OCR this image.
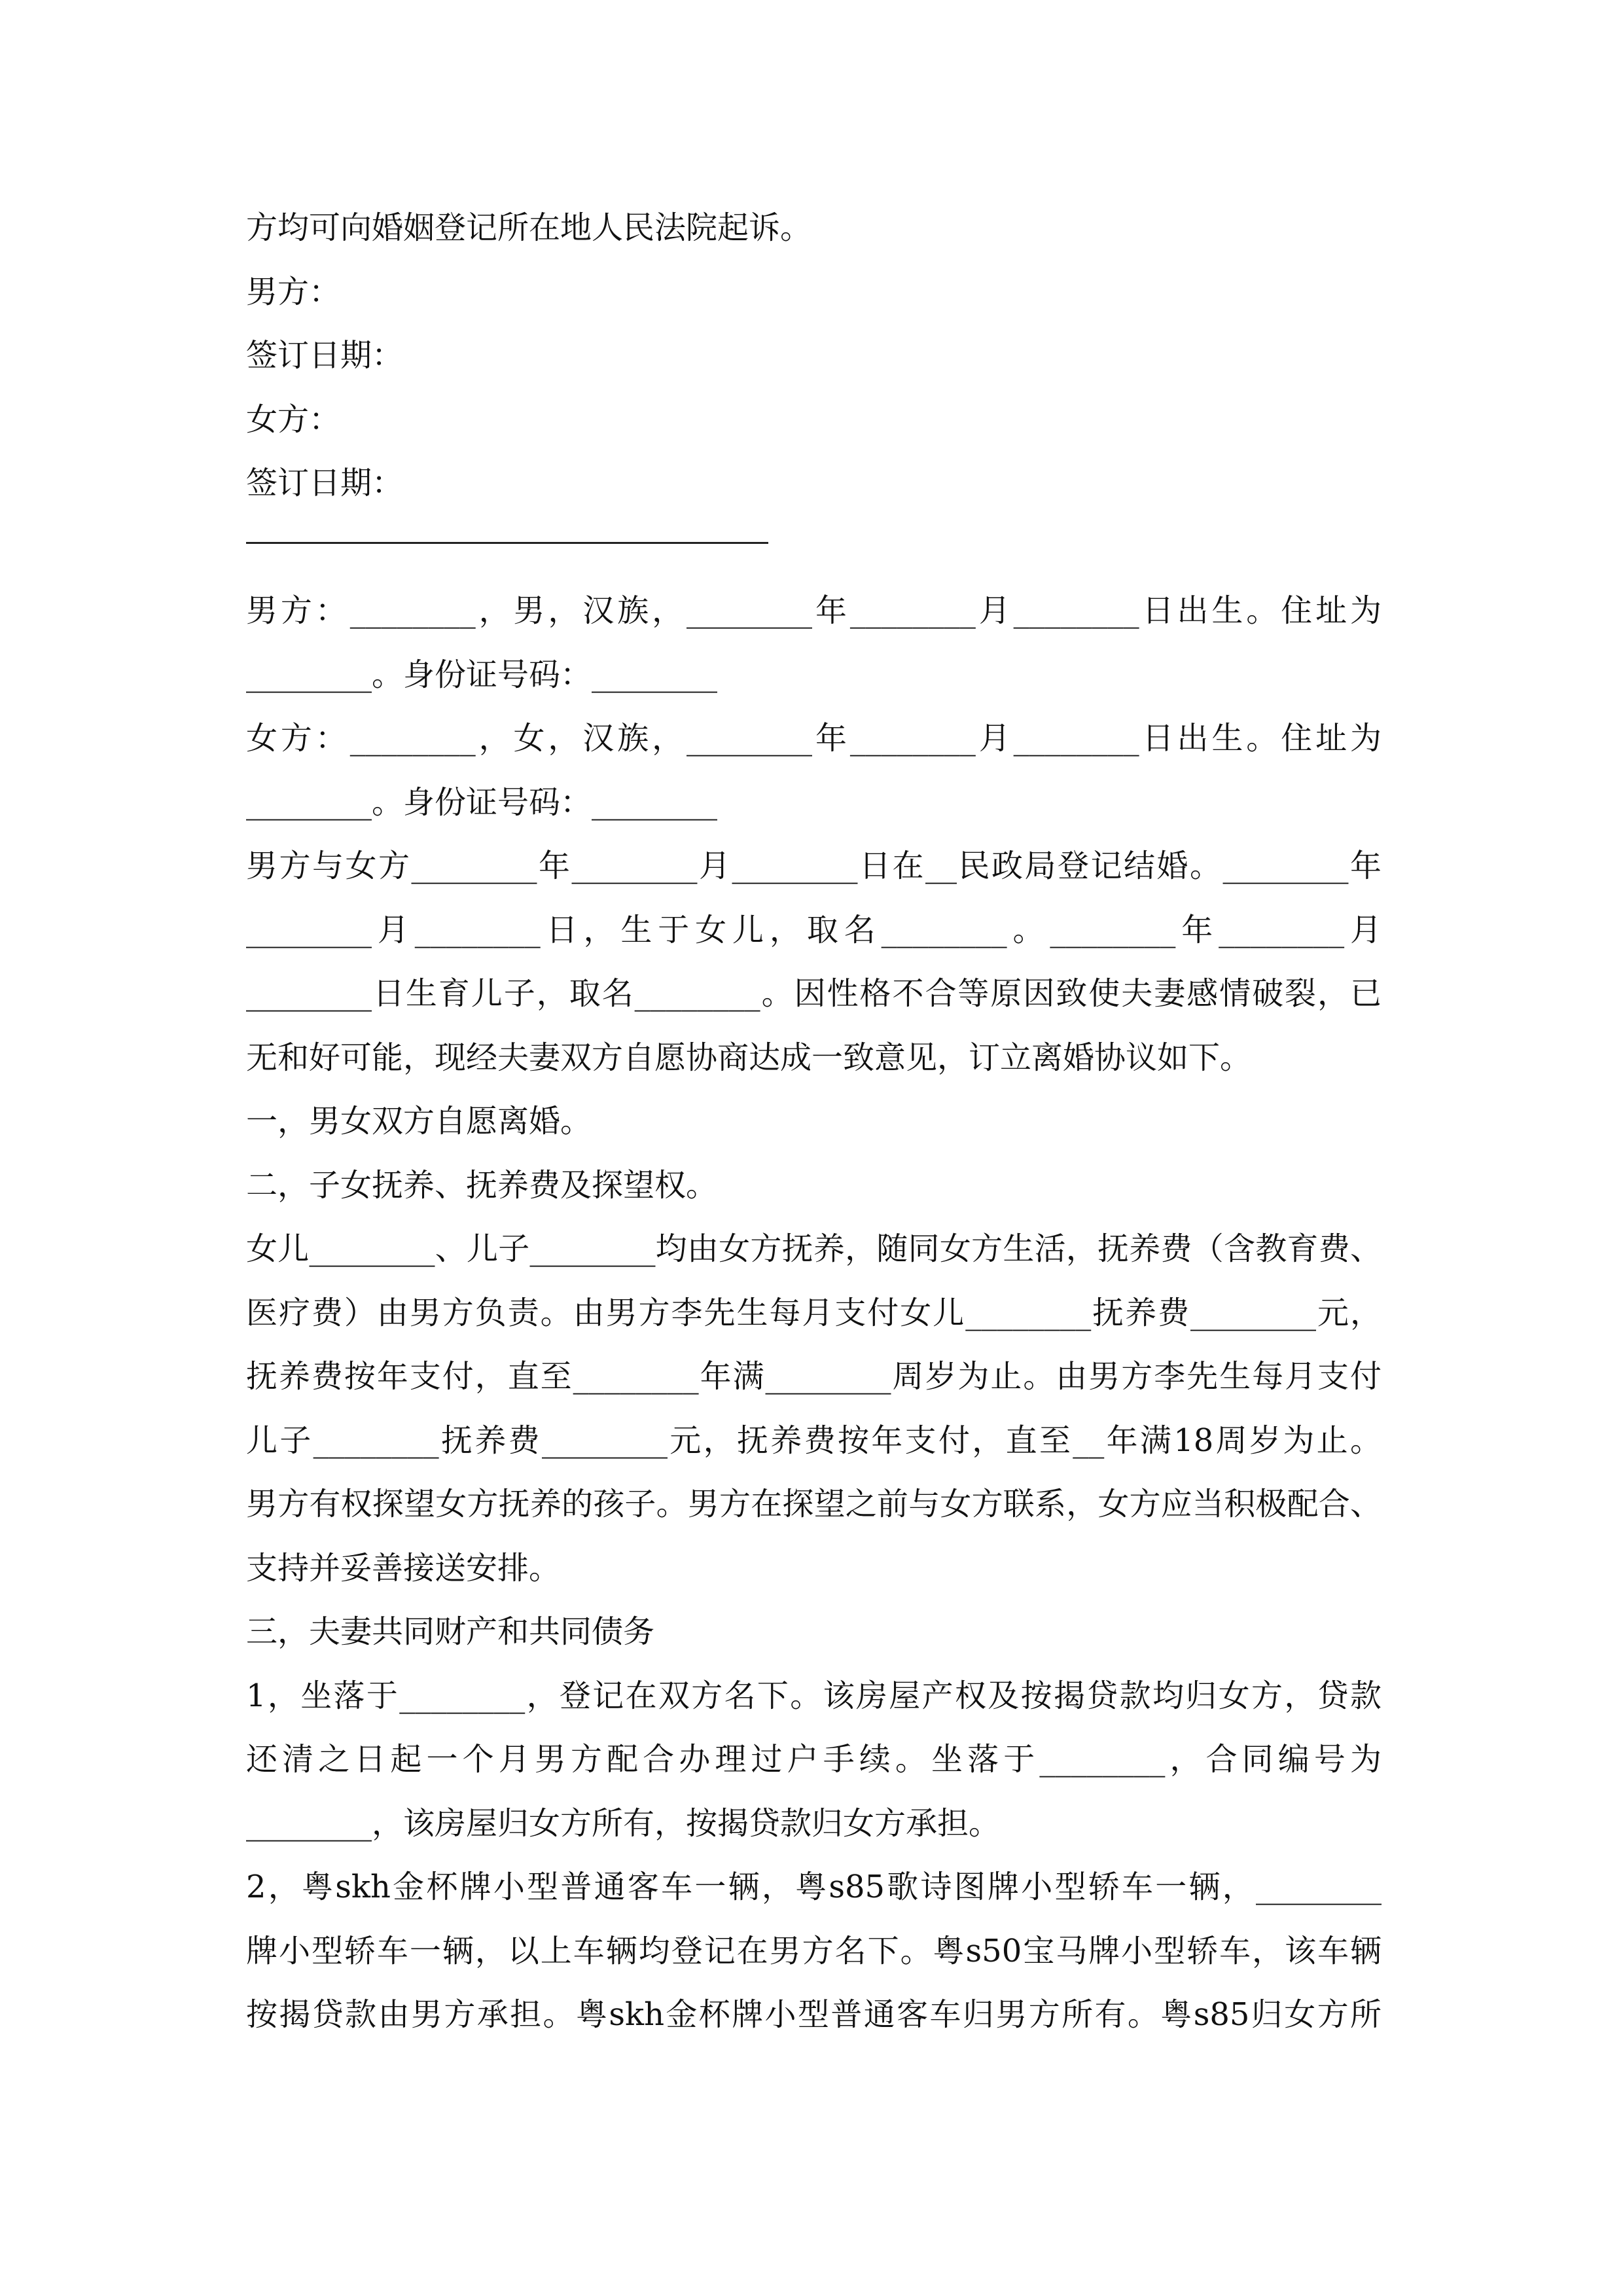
方均可向婚姻登记所在地人民法院起诉。
男方：
签订日期：
女方：
签订日期：
男方：________，男，汉族，________年________月________日出生。住址为
________。身份证号码：________
女方：________，女，汉族，________年________月________日出生。住址为
________。身份证号码：________
男方与女方________年________月________日在__民政局登记结婚。________年
________月________日，生于女儿，取名________。________年________月
________日生育儿子，取名________。因性格不合等原因致使夫妻感情破裂，已
无和好可能，现经夫妻双方自愿协商达成一致意见，订立离婚协议如下。
一，男女双方自愿离婚。
二，子女抚养、抚养费及探望权。
女儿________、儿子________均由女方抚养，随同女方生活，抚养费（含教育费、
医疗费）由男方负责。由男方李先生每月支付女儿________抚养费________元，
抚养费按年支付，直至________年满________周岁为止。由男方李先生每月支付
儿子________抚养费________元，抚养费按年支付，直至__年满18周岁为止。
男方有权探望女方抚养的孩子。男方在探望之前与女方联系，女方应当积极配合、
支持并妥善接送安排。
三，夫妻共同财产和共同债务
1，坐落于________，登记在双方名下。该房屋产权及按揭贷款均归女方，贷款
还清之日起一个月男方配合办理过户手续。坐落于________，合同编号为
________，该房屋归女方所有，按揭贷款归女方承担。
2，粤skh金杯牌小型普通客车一辆，粤s85歌诗图牌小型轿车一辆，________
牌小型轿车一辆，以上车辆均登记在男方名下。粤s50宝马牌小型轿车，该车辆
按揭贷款由男方承担。粤skh金杯牌小型普通客车归男方所有。粤s85归女方所
